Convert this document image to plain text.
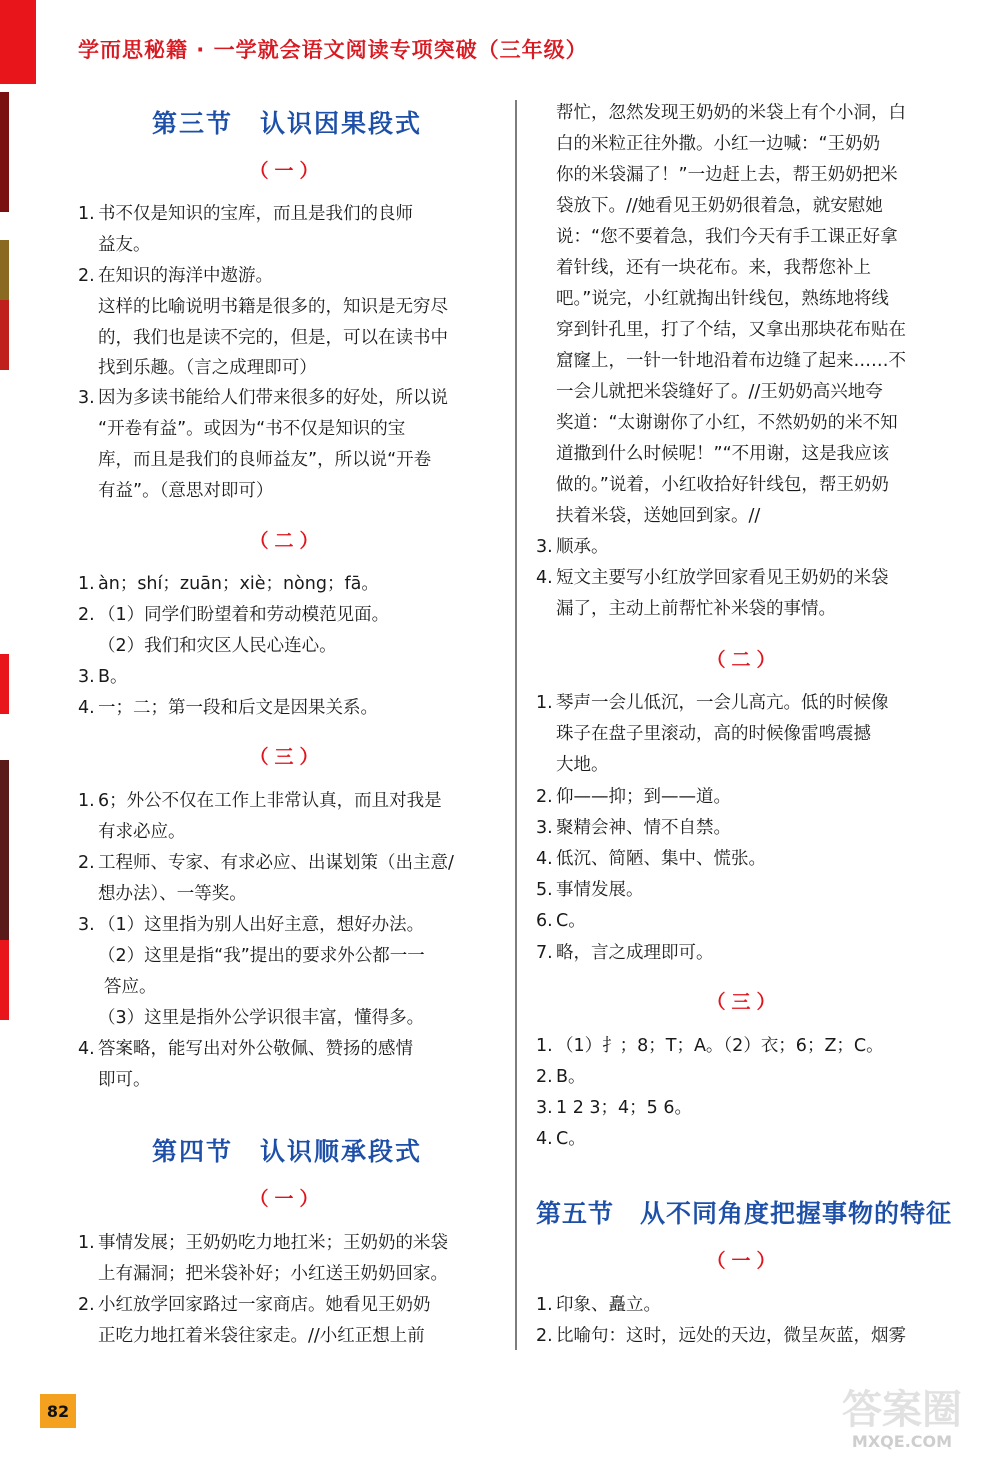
学而思秘籍 · 一学就会语文阅读专项突破（三年级）
第三节　认识因果段式
（一）
1. 书不仅是知识的宝库，而且是我们的良师
益友。
2. 在知识的海洋中遨游。
这样的比喻说明书籍是很多的，知识是无穷尽
的，我们也是读不完的，但是，可以在读书中
找到乐趣。（言之成理即可）
3. 因为多读书能给人们带来很多的好处，所以说
“开卷有益”。或因为“书不仅是知识的宝
库，而且是我们的良师益友”，所以说“开卷
有益”。（意思对即可）
（二）
1. àn；shí；zuān；xiè；nòng；fā。
2. （1）同学们盼望着和劳动模范见面。
（2）我们和灾区人民心连心。
3. B。
4. 一；二；第一段和后文是因果关系。
（三）
1. 6；外公不仅在工作上非常认真，而且对我是
有求必应。
2. 工程师、专家、有求必应、出谋划策（出主意/
想办法）、一等奖。
3. （1）这里指为别人出好主意，想好办法。
（2）这里是指“我”提出的要求外公都一一
答应。
（3）这里是指外公学识很丰富，懂得多。
4. 答案略，能写出对外公敬佩、赞扬的感情
即可。
第四节　认识顺承段式
（一）
1. 事情发展；王奶奶吃力地扛米；王奶奶的米袋
上有漏洞；把米袋补好；小红送王奶奶回家。
2. 小红放学回家路过一家商店。她看见王奶奶
正吃力地扛着米袋往家走。//小红正想上前
帮忙，忽然发现王奶奶的米袋上有个小洞，白
白的米粒正往外撒。小红一边喊：“王奶奶
你的米袋漏了！”一边赶上去，帮王奶奶把米
袋放下。//她看见王奶奶很着急，就安慰她
说：“您不要着急，我们今天有手工课正好拿
着针线，还有一块花布。来，我帮您补上
吧。”说完，小红就掏出针线包，熟练地将线
穿到针孔里，打了个结，又拿出那块花布贴在
窟窿上，一针一针地沿着布边缝了起来……不
一会儿就把米袋缝好了。//王奶奶高兴地夸
奖道：“太谢谢你了小红，不然奶奶的米不知
道撒到什么时候呢！”“不用谢，这是我应该
做的。”说着，小红收拾好针线包，帮王奶奶
扶着米袋，送她回到家。//
3. 顺承。
4. 短文主要写小红放学回家看见王奶奶的米袋
漏了，主动上前帮忙补米袋的事情。
（二）
1. 琴声一会儿低沉，一会儿高亢。低的时候像
珠子在盘子里滚动，高的时候像雷鸣震撼
大地。
2. 仰——抑；到——道。
3. 聚精会神、情不自禁。
4. 低沉、简陋、集中、慌张。
5. 事情发展。
6. C。
7. 略，言之成理即可。
（三）
1. （1）扌；8；T；A。（2）衣；6；Z；C。
2. B。
3. 1 2 3；4；5 6。
4. C。
第五节　从不同角度把握事物的特征
（一）
1. 印象、矗立。
2. 比喻句：这时，远处的天边，微呈灰蓝，烟雾
82	答案圈
MXQE.COM
